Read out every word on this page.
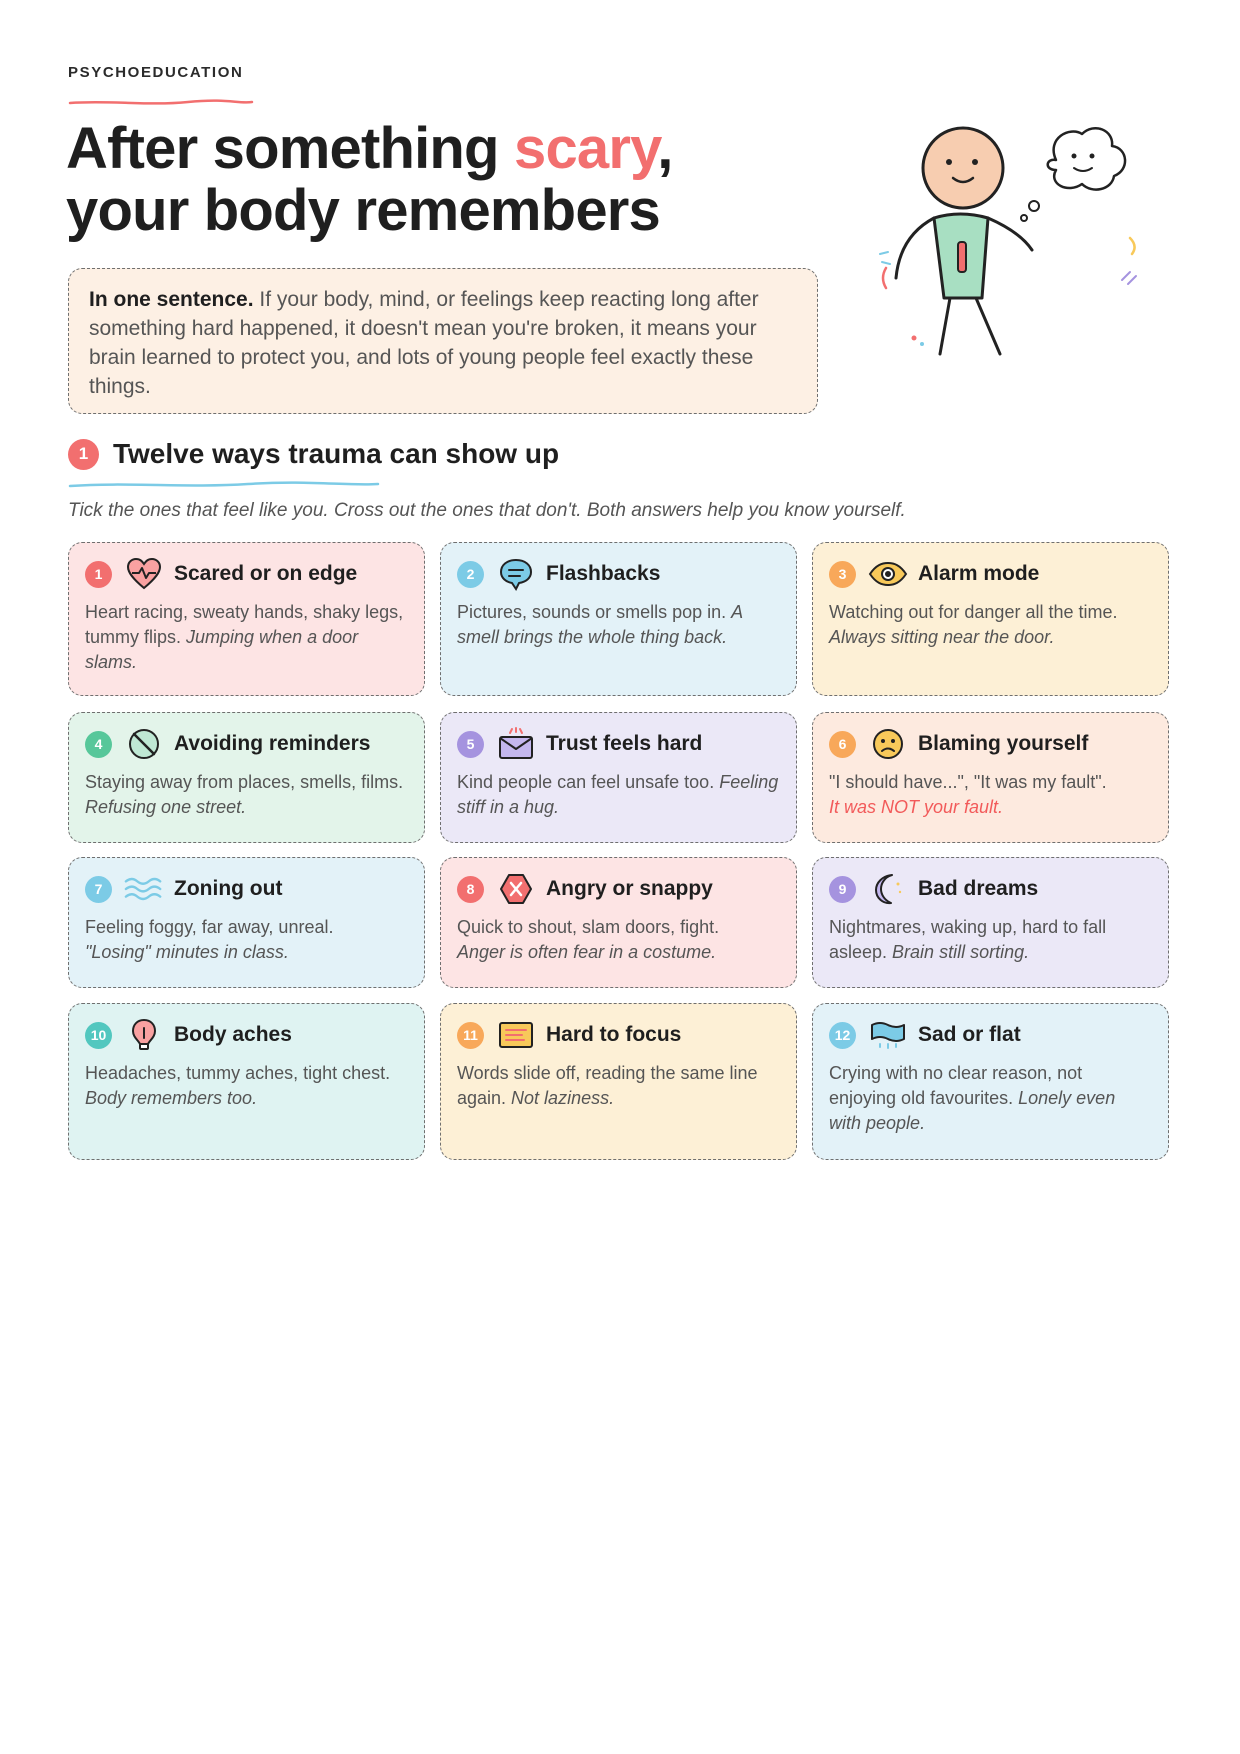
PSYCHOEDUCATION
After something scary,
your body remembers
In one sentence. If your body, mind, or feelings keep reacting long after something hard happened, it doesn't mean you're broken, it means your brain learned to protect you, and lots of young people feel exactly these things.
1 Twelve ways trauma can show up
Tick the ones that feel like you. Cross out the ones that don't. Both answers help you know yourself.
1	Scared or on edge
Heart racing, sweaty hands, shaky legs, tummy flips. Jumping when a door slams.
2	Flashbacks
Pictures, sounds or smells pop in. A smell brings the whole thing back.
3	Alarm mode
Watching out for danger all the time. Always sitting near the door.
4	Avoiding reminders
Staying away from places, smells, films. Refusing one street.
5	Trust feels hard
Kind people can feel unsafe too. Feeling stiff in a hug.
6	Blaming yourself
"I should have...", "It was my fault".
It was NOT your fault.
7	Zoning out
Feeling foggy, far away, unreal.
"Losing" minutes in class.
8	Angry or snappy
Quick to shout, slam doors, fight.
Anger is often fear in a costume.
9	Bad dreams
Nightmares, waking up, hard to fall asleep. Brain still sorting.
10	Body aches
Headaches, tummy aches, tight chest. Body remembers too.
11	Hard to focus
Words slide off, reading the same line again. Not laziness.
12	Sad or flat
Crying with no clear reason, not enjoying old favourites. Lonely even with people.
